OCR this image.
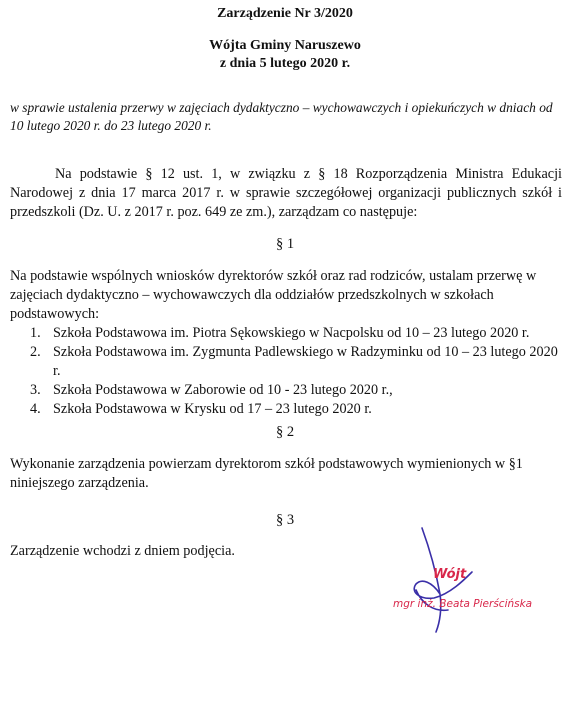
Zarządzenie Nr 3/2020
Wójta Gminy Naruszewo
z dnia 5 lutego 2020 r.
w sprawie ustalenia przerwy w zajęciach dydaktyczno – wychowawczych i opiekuńczych w dniach od 10 lutego 2020 r. do 23 lutego 2020 r.
Na podstawie § 12 ust. 1, w związku z § 18 Rozporządzenia Ministra Edukacji Narodowej z dnia 17 marca 2017 r. w sprawie szczegółowej organizacji publicznych szkół i przedszkoli (Dz. U. z 2017 r. poz. 649 ze zm.), zarządzam co następuje:
§ 1
Na podstawie wspólnych wniosków dyrektorów szkół oraz rad rodziców, ustalam przerwę w zajęciach dydaktyczno – wychowawczych dla oddziałów przedszkolnych w szkołach podstawowych:
1. Szkoła Podstawowa im. Piotra Sękowskiego w Nacpolsku od 10 – 23 lutego 2020 r.
2. Szkoła Podstawowa im. Zygmunta Padlewskiego w Radzyminku od 10 – 23 lutego 2020 r.
3. Szkoła Podstawowa w Zaborowie od 10 - 23 lutego 2020 r.,
4. Szkoła Podstawowa w Krysku od 17 – 23 lutego 2020 r.
§ 2
Wykonanie zarządzenia powierzam dyrektorom szkół podstawowych wymienionych w §1 niniejszego zarządzenia.
§ 3
Zarządzenie wchodzi z dniem podjęcia.
Wójt
mgr inż. Beata Pierścińska
